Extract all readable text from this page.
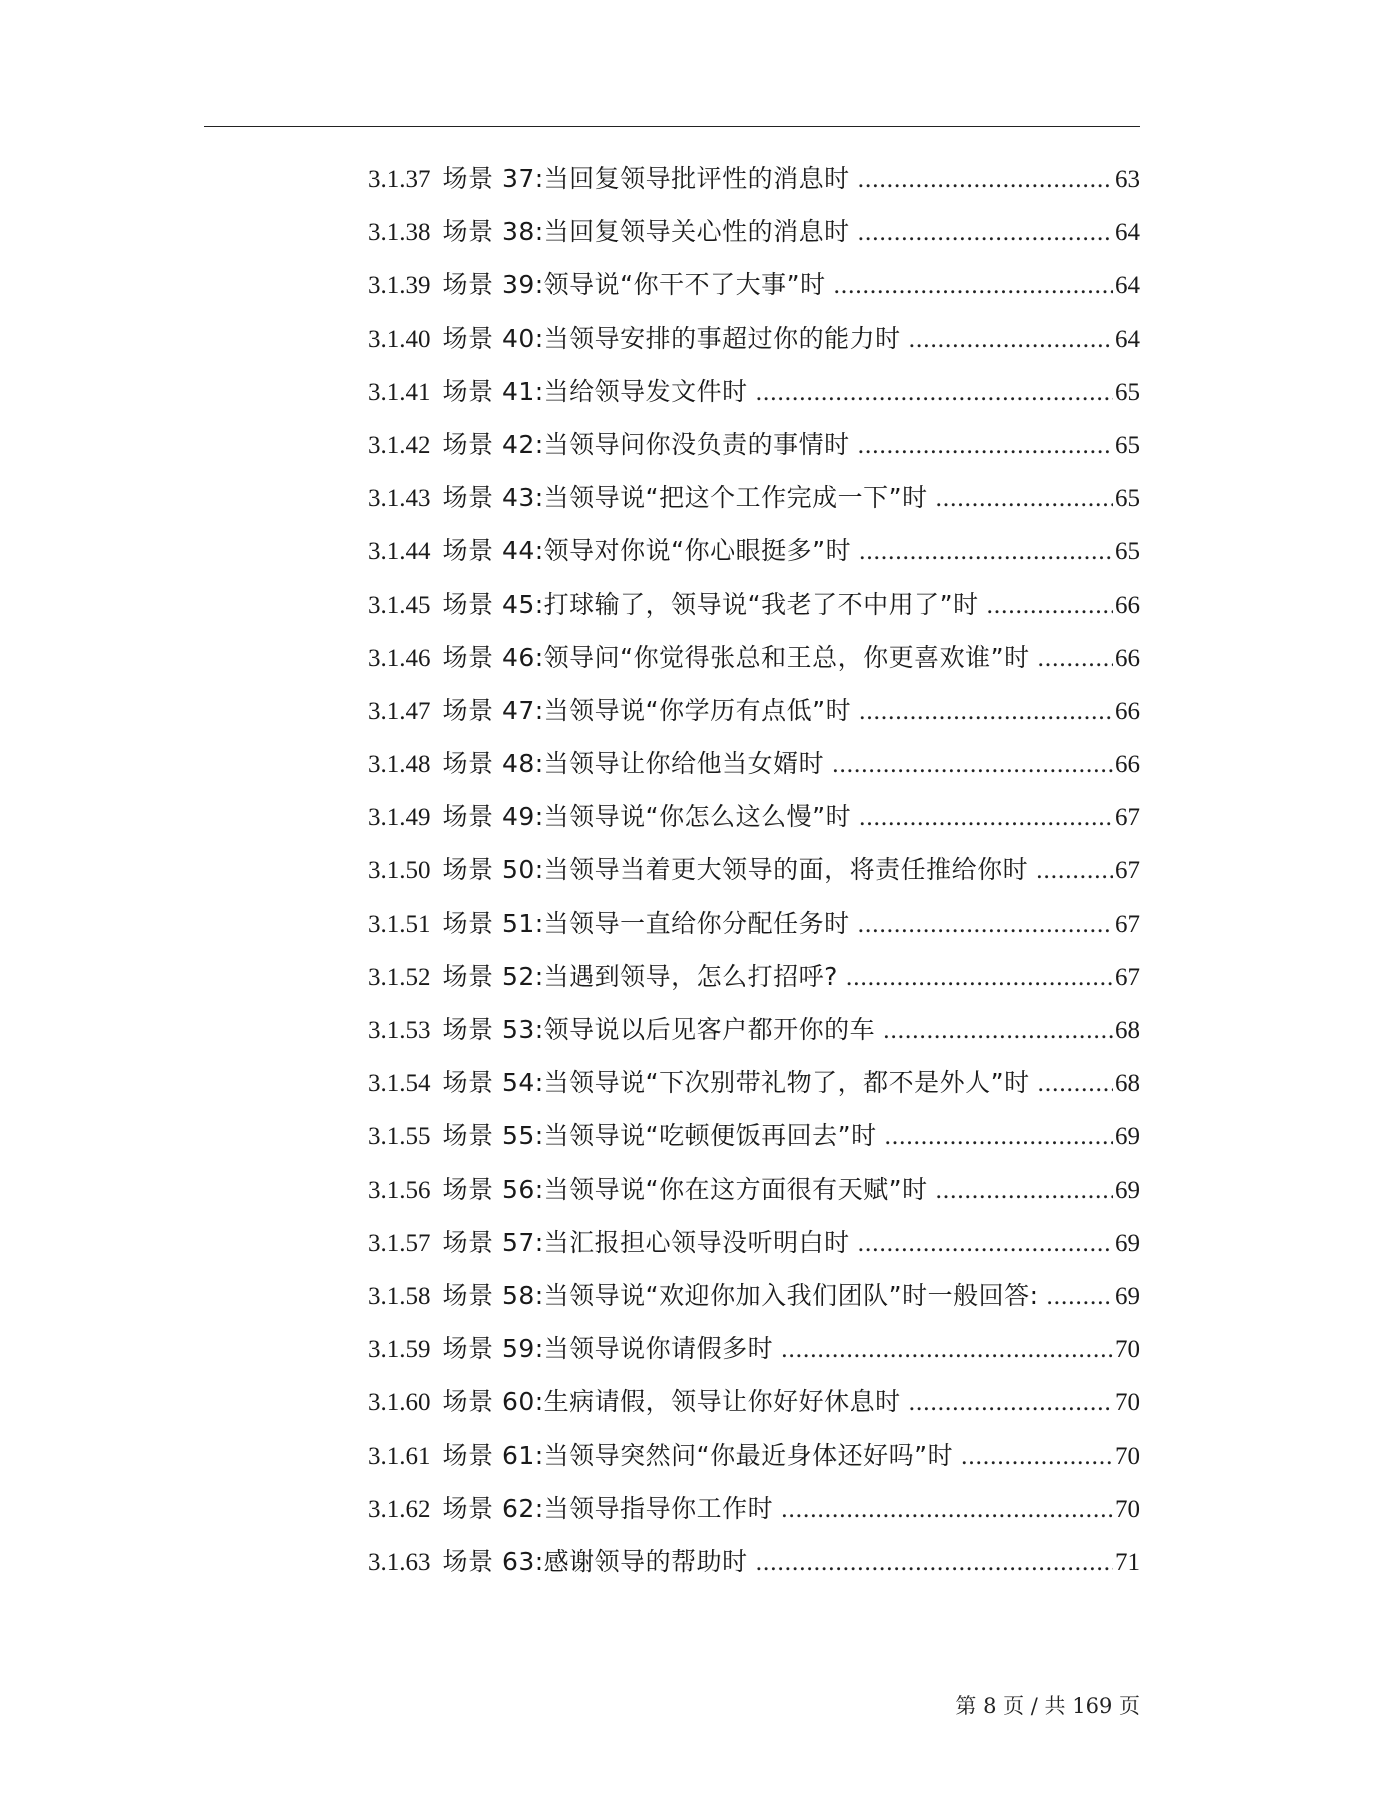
3.1.37 场景 37:当回复领导批评性的消息时 .....	63
3.1.38 场景 38:当回复领导关心性的消息时 .....	64
3.1.39 场景 39:领导说“你干不了大事”时 .....	64
3.1.40 场景 40:当领导安排的事超过你的能力时 .....	64
3.1.41 场景 41:当给领导发文件时 .....	65
3.1.42 场景 42:当领导问你没负责的事情时 .....	65
3.1.43 场景 43:当领导说“把这个工作完成一下”时 .....	65
3.1.44 场景 44:领导对你说“你心眼挺多”时 .....	65
3.1.45 场景 45:打球输了，领导说“我老了不中用了”时 .....	66
3.1.46 场景 46:领导问“你觉得张总和王总，你更喜欢谁”时 .....	66
3.1.47 场景 47:当领导说“你学历有点低”时 .....	66
3.1.48 场景 48:当领导让你给他当女婿时 .....	66
3.1.49 场景 49:当领导说“你怎么这么慢”时 .....	67
3.1.50 场景 50:当领导当着更大领导的面，将责任推给你时 .....	67
3.1.51 场景 51:当领导一直给你分配任务时 .....	67
3.1.52 场景 52:当遇到领导，怎么打招呼? .....	67
3.1.53 场景 53:领导说以后见客户都开你的车 .....	68
3.1.54 场景 54:当领导说“下次别带礼物了，都不是外人”时 .....	68
3.1.55 场景 55:当领导说“吃顿便饭再回去”时 .....	69
3.1.56 场景 56:当领导说“你在这方面很有天赋”时 .....	69
3.1.57 场景 57:当汇报担心领导没听明白时 .....	69
3.1.58 场景 58:当领导说“欢迎你加入我们团队”时一般回答: .....	69
3.1.59 场景 59:当领导说你请假多时 .....	70
3.1.60 场景 60:生病请假，领导让你好好休息时 .....	70
3.1.61 场景 61:当领导突然问“你最近身体还好吗”时 .....	70
3.1.62 场景 62:当领导指导你工作时 .....	70
3.1.63 场景 63:感谢领导的帮助时 .....	71
第 8 页 / 共 169 页
